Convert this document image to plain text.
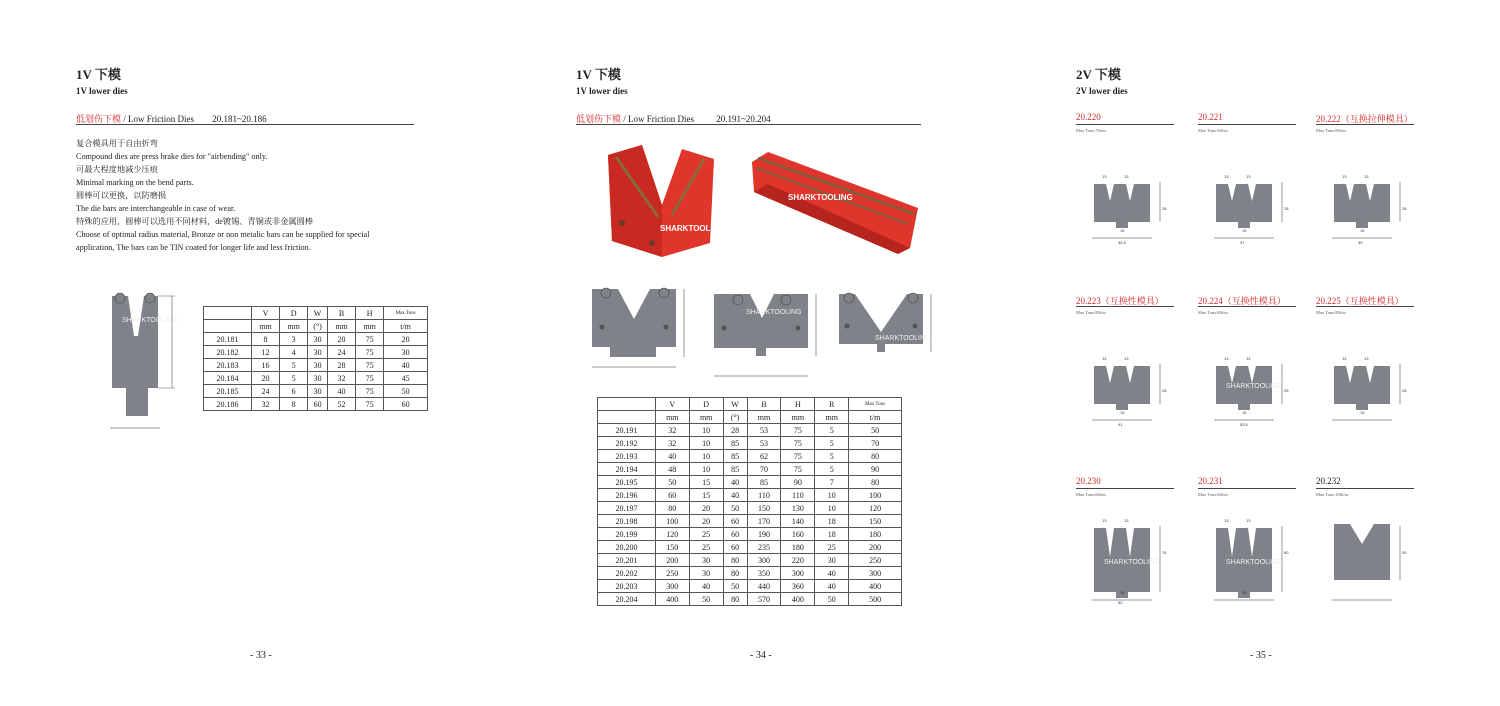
1V 下模
1V lower dies
低划伤下模 / Low Friction Dies 20.181~20.186
复合模具用于自由折弯
Compound dies are press brake dies for "airbending" only.
可最大程度地减少压痕
Minimal marking on the bend parts.
圆棒可以更换，以防磨损
The die bars are interchangeable in case of wear.
特殊的应用，圆棒可以选用不同材料，de镀锡、青铜或非金属圆棒
Choose of optimal radius material, Bronze or non metalic bars can be supplied for special
application, The bars can be TIN coated for longer life and less friction.
SHARKTOOLING
	V	D	W	B	H	Max Tons
	mm	mm	(°)	mm	mm	t/m
20.181	8	3	30	20	75	20
20.182	12	4	30	24	75	30
20.183	16	5	30	28	75	40
20.184	20	5	30	32	75	45
20.185	24	6	30	40	75	50
20.186	32	8	60	52	75	60
- 33 -
1V 下模
1V lower dies
低划伤下模 / Low Friction Dies 20.191~20.204
SHARKTOOLING
SHARKTOOLING
SHARKTOOLING
SHARKTOOLING
	V	D	W	B	H	R	Max Tons
	mm	mm	(°)	mm	mm	mm	t/m
20.191	32	10	28	53	75	5	50
20.192	32	10	85	53	75	5	70
20.193	40	10	85	62	75	5	80
20.194	48	10	85	70	75	5	90
20.195	50	15	40	85	90	7	80
20.196	60	15	40	110	110	10	100
20.197	80	20	50	150	130	10	120
20.198	100	20	60	170	140	18	150
20.199	120	25	60	190	160	18	180
20.200	150	25	60	235	180	25	200
20.201	200	30	80	300	220	30	250
20.202	250	30	80	350	300	40	300
20.203	300	40	50	440	360	40	400
20.204	400	50	80	570	400	50	500
- 34 -
2V 下模
2V lower dies
20.220
Max Tons:70t/m
13	13
15
34.5
28
20.221
Max Tons:50t/m
13	13
15
37
28
20.222（互换拉伸模具）
Max Tons:80t/m
13	13
15
39
28
20.223（互换性模具）
Max Tons:80t/m
13	13
15
41
28
20.224（互换性模具）
Max Tons:80t/m
13	13
15
53.5
28
SHARKTOOLING
20.225（互换性模具）
Max Tons:80t/m
13	13
15
28
20.230
Max Tons:60t/m
13	13
15
50
76
SHARKTOOLING
20.231
Max Tons:60t/m
13	13
15
60
SHARKTOOLING
20.232
Max Tons:100t/m
30
- 35 -
